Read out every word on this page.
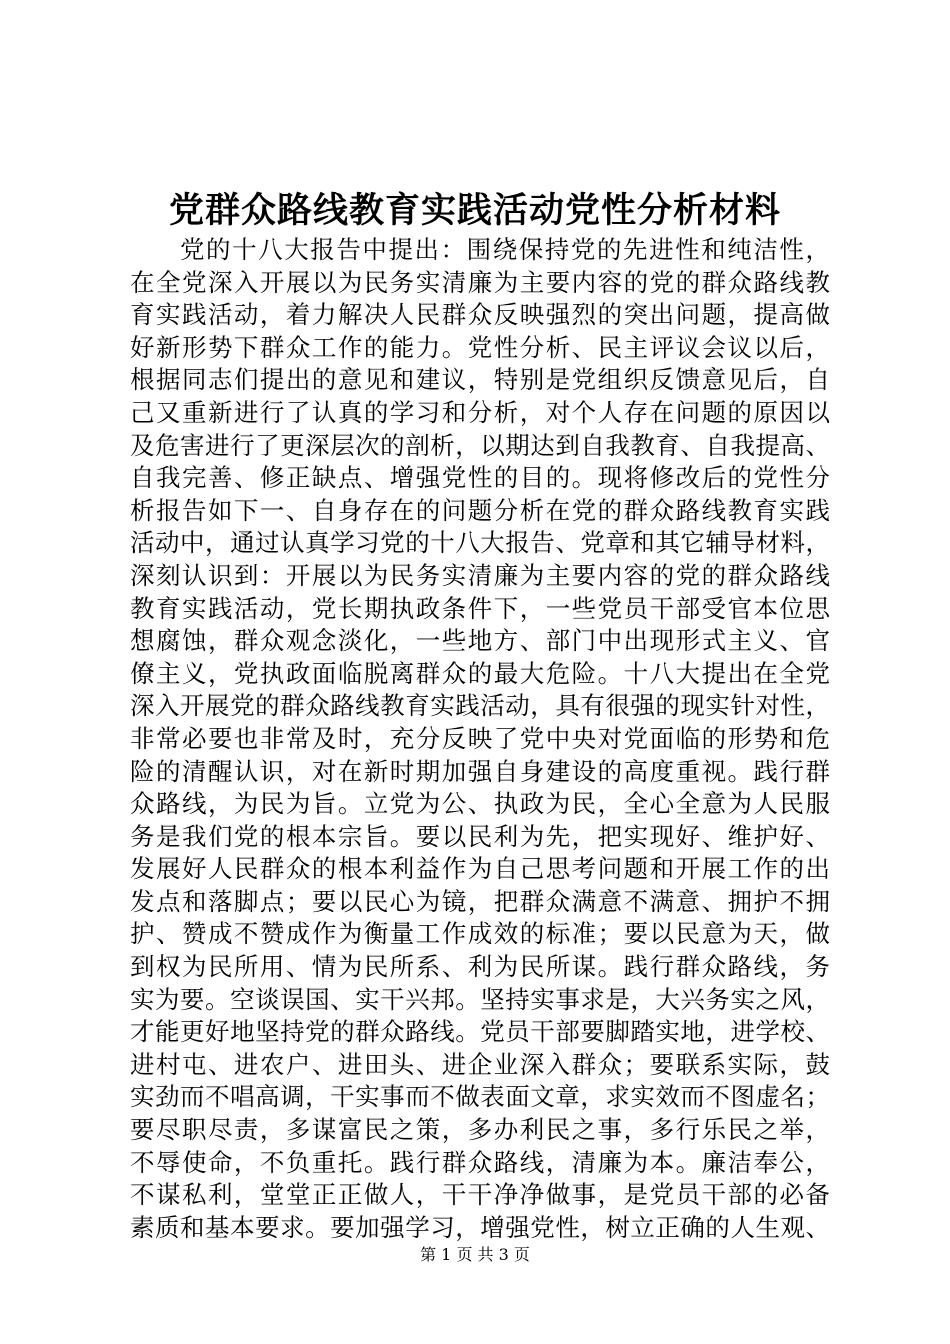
党群众路线教育实践活动党性分析材料
党的十八大报告中提出：围绕保持党的先进性和纯洁性，
在全党深入开展以为民务实清廉为主要内容的党的群众路线教
育实践活动，着力解决人民群众反映强烈的突出问题，提高做
好新形势下群众工作的能力。党性分析、民主评议会议以后，
根据同志们提出的意见和建议，特别是党组织反馈意见后，自
己又重新进行了认真的学习和分析，对个人存在问题的原因以
及危害进行了更深层次的剖析，以期达到自我教育、自我提高、
自我完善、修正缺点、增强党性的目的。现将修改后的党性分
析报告如下一、自身存在的问题分析在党的群众路线教育实践
活动中，通过认真学习党的十八大报告、党章和其它辅导材料，
深刻认识到：开展以为民务实清廉为主要内容的党的群众路线
教育实践活动，党长期执政条件下，一些党员干部受官本位思
想腐蚀，群众观念淡化，一些地方、部门中出现形式主义、官
僚主义，党执政面临脱离群众的最大危险。十八大提出在全党
深入开展党的群众路线教育实践活动，具有很强的现实针对性，
非常必要也非常及时，充分反映了党中央对党面临的形势和危
险的清醒认识，对在新时期加强自身建设的高度重视。践行群
众路线，为民为旨。立党为公、执政为民，全心全意为人民服
务是我们党的根本宗旨。要以民利为先，把实现好、维护好、
发展好人民群众的根本利益作为自己思考问题和开展工作的出
发点和落脚点；要以民心为镜，把群众满意不满意、拥护不拥
护、赞成不赞成作为衡量工作成效的标准；要以民意为天，做
到权为民所用、情为民所系、利为民所谋。践行群众路线，务
实为要。空谈误国、实干兴邦。坚持实事求是，大兴务实之风，
才能更好地坚持党的群众路线。党员干部要脚踏实地，进学校、
进村屯、进农户、进田头、进企业深入群众；要联系实际，鼓
实劲而不唱高调，干实事而不做表面文章，求实效而不图虚名；
要尽职尽责，多谋富民之策，多办利民之事，多行乐民之举，
不辱使命，不负重托。践行群众路线，清廉为本。廉洁奉公，
不谋私利，堂堂正正做人，干干净净做事，是党员干部的必备
素质和基本要求。要加强学习，增强党性，树立正确的人生观、
第 1 页 共 3 页
